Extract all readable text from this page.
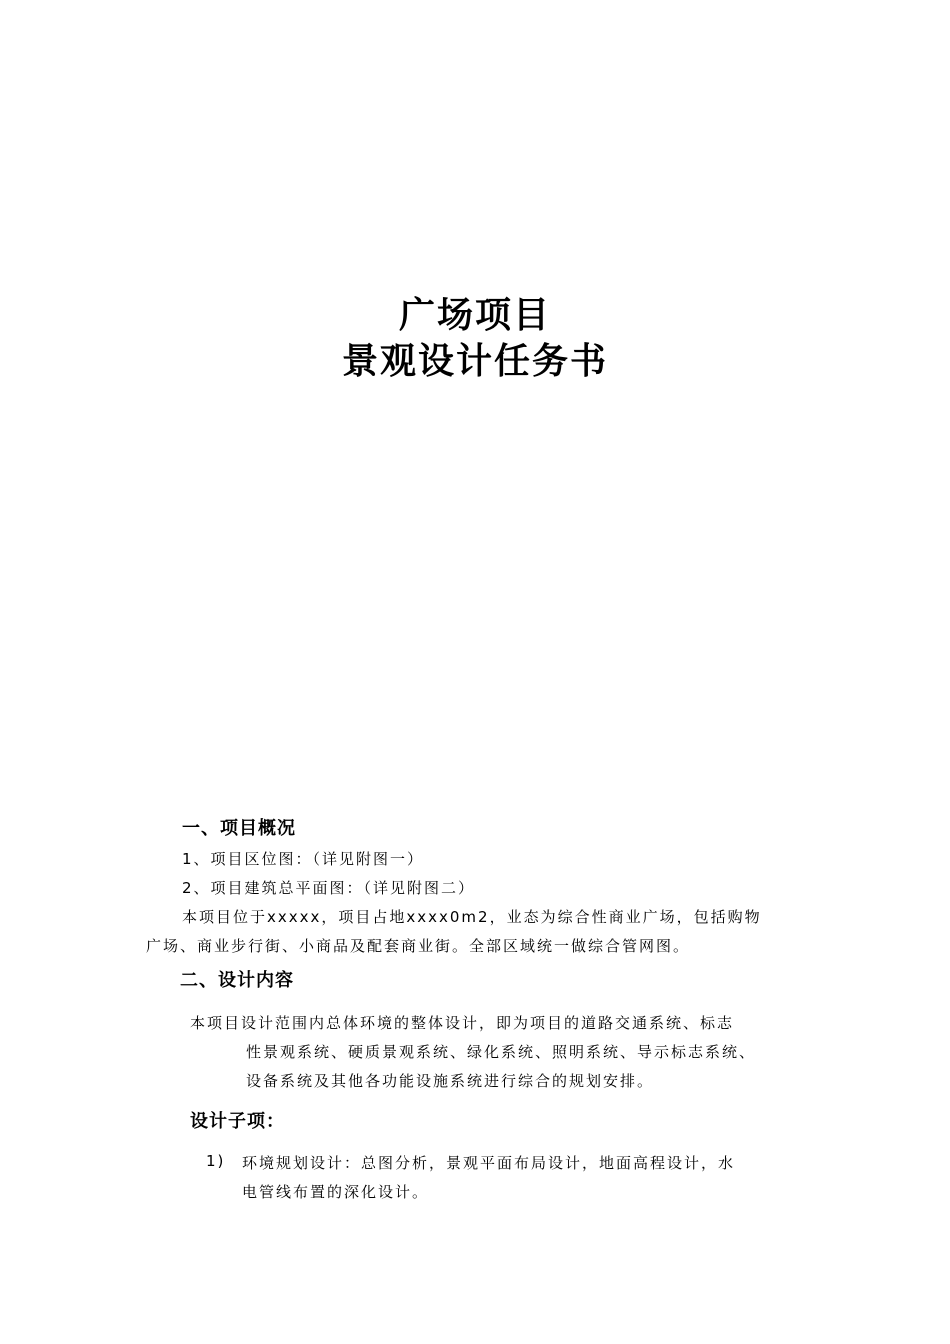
广场项目
景观设计任务书
一、项目概况
1、项目区位图：（详见附图一）
2、项目建筑总平面图：（详见附图二）
本项目位于xxxxx，项目占地xxxx0m2，业态为综合性商业广场，包括购物
广场、商业步行街、小商品及配套商业街。全部区域统一做综合管网图。
二、设计内容
本项目设计范围内总体环境的整体设计，即为项目的道路交通系统、标志
性景观系统、硬质景观系统、绿化系统、照明系统、导示标志系统、
设备系统及其他各功能设施系统进行综合的规划安排。
设计子项：
1) 环境规划设计：总图分析，景观平面布局设计，地面高程设计，水
电管线布置的深化设计。
